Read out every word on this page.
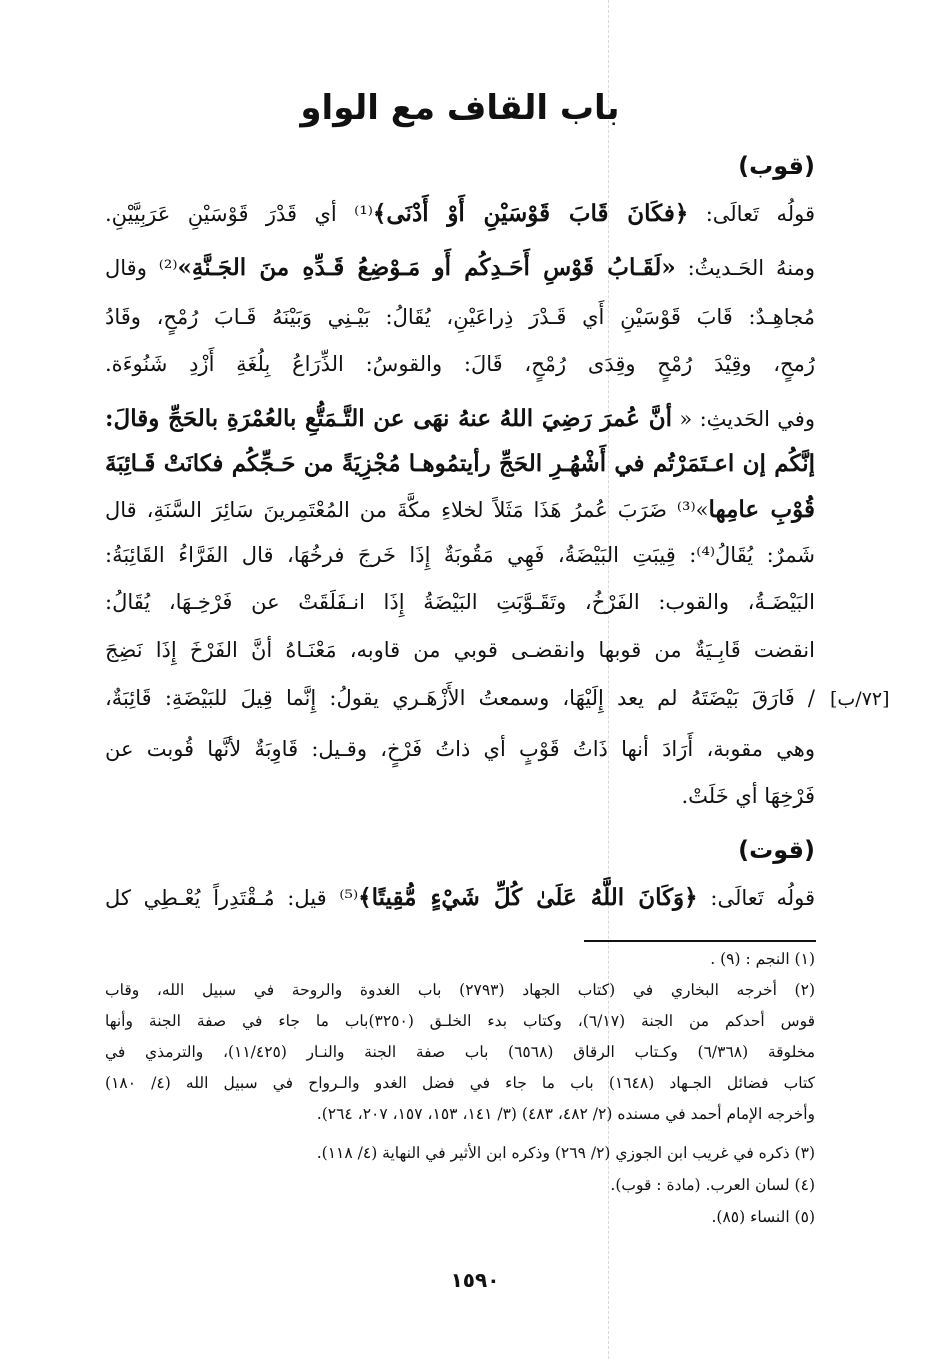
باب القاف مع الواو
(قوب)
قولُه تَعالَى: ﴿فكَانَ قَابَ قَوْسَيْنِ أَوْ أَدْنَى﴾⁽¹⁾ أي قَدْرَ قَوْسَيْنِ عَرَبِيَّيْنِ.
ومنهُ الحَـديثُ: «لَقَـابُ قَوْسِ أَحَـدِكُم أَو مَـوْضِعُ قَـدِّهِ منَ الجَـنَّةِ»⁽²⁾ وقال
مُجاهِـدٌ: قَابَ قَوْسَيْنِ أَي قَـدْرَ ذِراعَيْنِ، يُقَالُ: بَيْـنِي وَبَيْنَهُ قَـابَ رُمْحٍ، وقَادُ
رُمحٍ، وقِيْدَ رُمْحٍ وقِدَى رُمْحٍ، قَالَ: والقوسُ: الذِّرَاعُ بِلُغَةِ أَزْدِ شَنُوءَة.
وفي الحَديثِ: « أنَّ عُمرَ رَضِيَ اللهُ عنهُ نهَى عن التَّـمَتُّعِ بالعُمْرَةِ بالحَجِّ وقالَ:
إنَّكُم إن اعـتَمَرْتُم في أَشْهُـرِ الحَجِّ رأيتمُوهـا مُجْزِيَةً من حَـجِّكُم فكانَتْ قَـائِبَةَ
قُوْبِ عامِها»⁽³⁾ ضَرَبَ عُمرُ هَذَا مَثَلاً لخلاءِ مكَّةَ من المُعْتَمِرينَ سَائِرَ السَّنَةِ، قال
شَمرٌ: يُقَالُ⁽⁴⁾: قِيبَتِ البَيْضَةُ، فَهِي مَقُوبَةٌ إِذَا خَرجَ فرخُهَا، قال الفَرَّاءُ القَائِبَةُ:
البَيْضَـةُ، والقوب: الفَرْخُ، وتَقَـوَّبَتِ البَيْضَةُ إِذَا انـفَلَقَتْ عن فَرْخِـهَا، يُقَالُ:
انقضت قَابِـيَةٌ من قوبها وانقضـى قوبي من قاوبه، مَعْنَـاهُ أنَّ الفَرْخَ إِذَا نَضِجَ
/ فَارَقَ بَيْضَتَهُ لم يعد إِلَيْهَا، وسمعتُ الأَزْهَـري يقولُ: إِنَّما قِيلَ للبَيْضَةِ: قَائِبَةٌ، [٧٢/ب]
وهي مقوبة، أَرَادَ أنها ذَاتُ قَوْبٍ أي ذاتُ فَرْخٍ، وقـيل: قَاوِبَةٌ لأنَّها قُوبت عن
فَرْخِهَا أي خَلَتْ.
(قوت)
قولُه تَعالَى: ﴿وَكَانَ اللَّهُ عَلَىٰ كُلِّ شَيْءٍ مُّقِيتًا﴾⁽⁵⁾ قيل: مُـقْتَدِراً يُعْـطِي كل
(١) النجم : (٩) .
(٢) أخرجه البخاري في (كتاب الجهاد (٢٧٩٣) باب الغدوة والروحة في سبيل الله، وقاب
قوس أحدكم من الجنة (٦/١٧)، وكتاب بدء الخلـق (٣٢٥٠)باب ما جاء في صفة الجنة وأنها
مخلوقة (٦/٣٦٨) وكـتاب الرقاق (٦٥٦٨) باب صفة الجنة والنـار (١١/٤٢٥)، والترمذي في
كتاب فضائل الجـهاد (١٦٤٨) باب ما جاء في فضل الغدو والـرواح في سبيل الله (٤/ ١٨٠)
وأخرجه الإمام أحمد في مسنده (٢/ ٤٨٢، ٤٨٣) (٣/ ١٤١، ١٥٣، ١٥٧، ٢٠٧، ٢٦٤).
(٣) ذكره في غريب ابن الجوزي (٢/ ٢٦٩) وذكره ابن الأثير في النهاية (٤/ ١١٨).
(٤) لسان العرب. (مادة : قوب).
(٥) النساء (٨٥).
١٥٩٠
